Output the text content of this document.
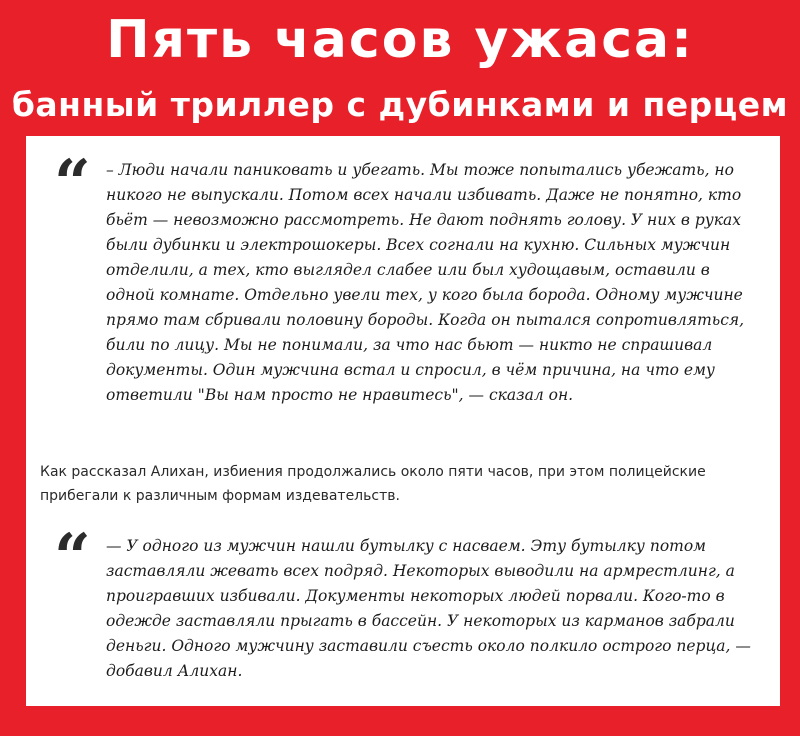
Пять часов ужаса:
банный триллер с дубинками и перцем
“ – Люди начали паниковать и убегать. Мы тоже попытались убежать, но никого не выпускали. Потом всех начали избивать. Даже не понятно, кто бьёт — невозможно рассмотреть. Не дают поднять голову. У них в руках были дубинки и электрошокеры. Всех согнали на кухню. Сильных мужчин отделили, а тех, кто выглядел слабее или был худощавым, оставили в одной комнате. Отдельно увели тех, у кого была борода. Одному мужчине прямо там сбривали половину бороды. Когда он пытался сопротивляться, били по лицу. Мы не понимали, за что нас бьют — никто не спрашивал документы. Один мужчина встал и спросил, в чём причина, на что ему ответили "Вы нам просто не нравитесь", — сказал он.

Как рассказал Алихан, избиения продолжались около пяти часов, при этом полицейские прибегали к различным формам издевательств.

“ — У одного из мужчин нашли бутылку с насваем. Эту бутылку потом заставляли жевать всех подряд. Некоторых выводили на армрестлинг, а проигравших избивали. Документы некоторых людей порвали. Кого-то в одежде заставляли прыгать в бассейн. У некоторых из карманов забрали деньги. Одного мужчину заставили съесть около полкило острого перца, — добавил Алихан.
